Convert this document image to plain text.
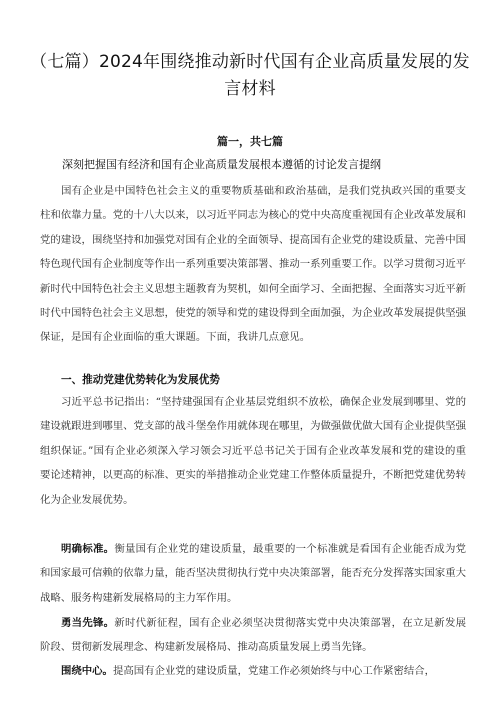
（七篇）2024年围绕推动新时代国有企业高质量发展的发言材料
篇一，共七篇
深刻把握国有经济和国有企业高质量发展根本遵循的讨论发言提纲
国有企业是中国特色社会主义的重要物质基础和政治基础，是我们党执政兴国的重要支柱和依靠力量。党的十八大以来，以习近平同志为核心的党中央高度重视国有企业改革发展和党的建设，围绕坚持和加强党对国有企业的全面领导、提高国有企业党的建设质量、完善中国特色现代国有企业制度等作出一系列重要决策部署、推动一系列重要工作。以学习贯彻习近平新时代中国特色社会主义思想主题教育为契机，如何全面学习、全面把握、全面落实习近平新时代中国特色社会主义思想，使党的领导和党的建设得到全面加强，为企业改革发展提供坚强保证，是国有企业面临的重大课题。下面，我讲几点意见。
一、推动党建优势转化为发展优势
习近平总书记指出：“坚持建强国有企业基层党组织不放松，确保企业发展到哪里、党的建设就跟进到哪里、党支部的战斗堡垒作用就体现在哪里，为做强做优做大国有企业提供坚强组织保证。”国有企业必须深入学习领会习近平总书记关于国有企业改革发展和党的建设的重要论述精神，以更高的标准、更实的举措推动企业党建工作整体质量提升，不断把党建优势转化为企业发展优势。
明确标准。衡量国有企业党的建设质量，最重要的一个标准就是看国有企业能否成为党和国家最可信赖的依靠力量，能否坚决贯彻执行党中央决策部署，能否充分发挥落实国家重大战略、服务构建新发展格局的主力军作用。
勇当先锋。新时代新征程，国有企业必须坚决贯彻落实党中央决策部署，在立足新发展阶段、贯彻新发展理念、构建新发展格局、推动高质量发展上勇当先锋。
围绕中心。提高国有企业党的建设质量，党建工作必须始终与中心工作紧密结合，
